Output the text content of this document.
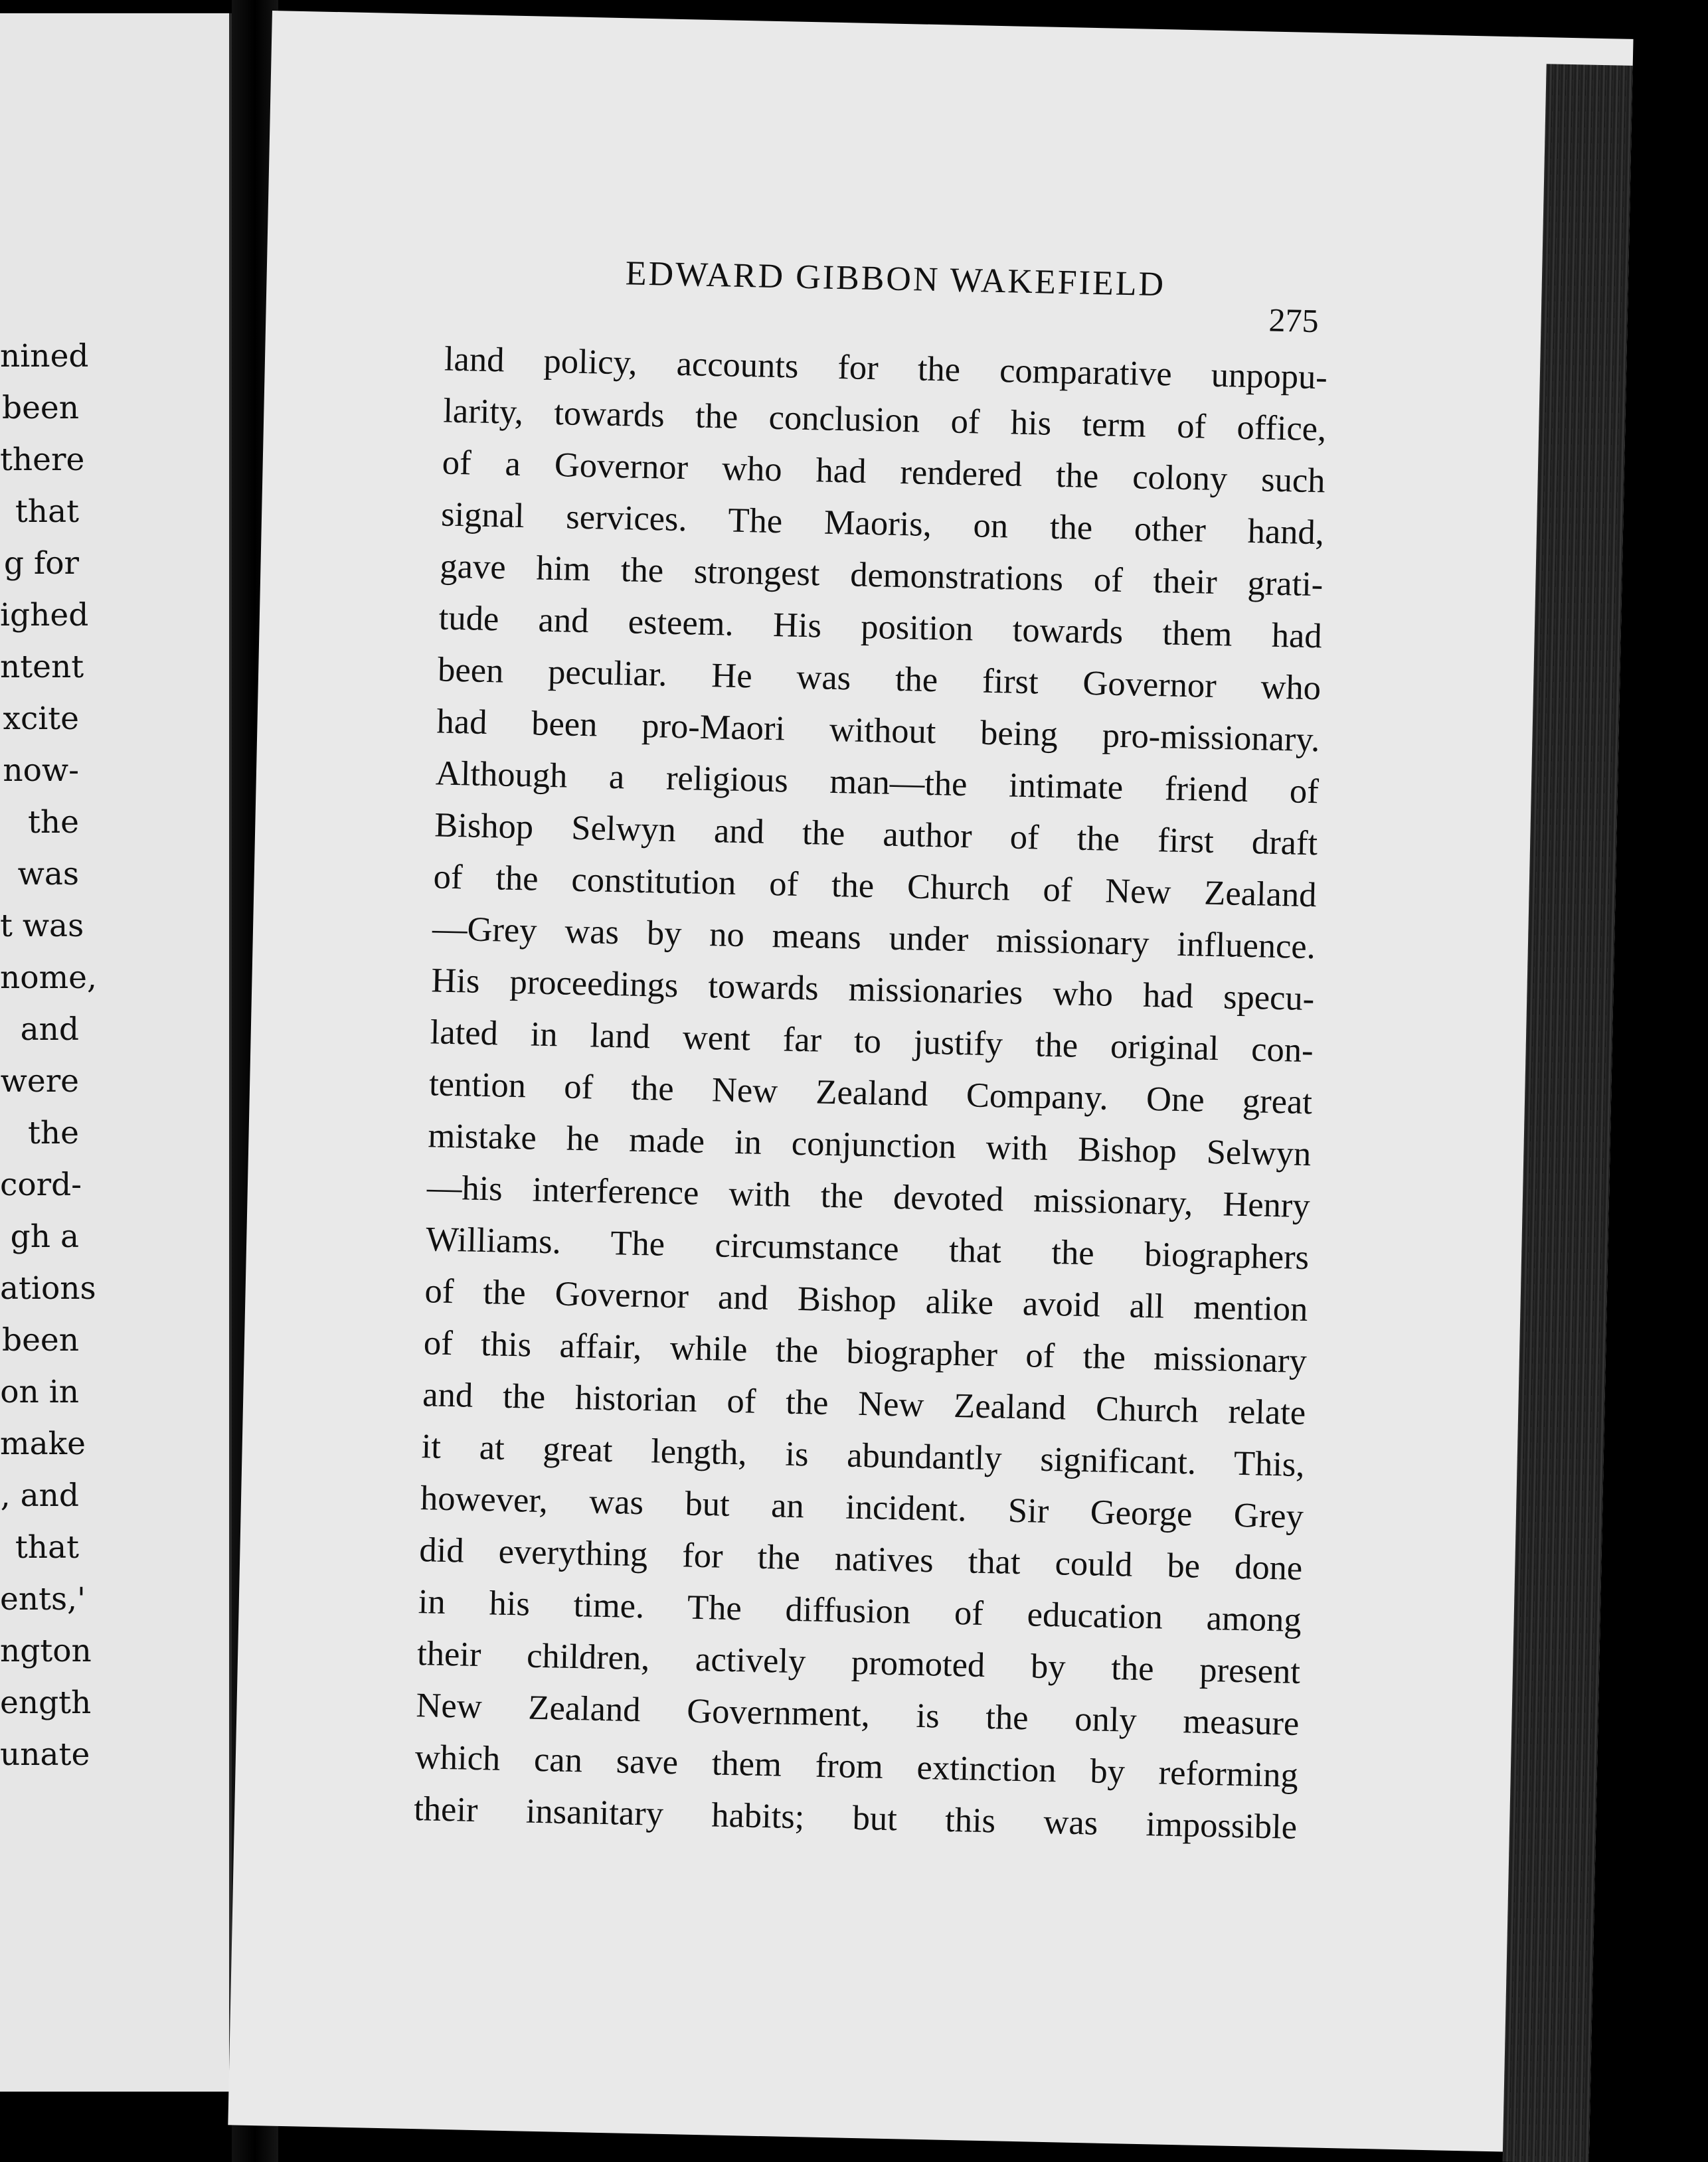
nined
been
there
that
g for
ighed
ntent
xcite
now-
the
was
t was
nome,
and
were
the
cord-
gh a
ations
been
on in
make
, and
that
ents,'
ngton
ength
unate
EDWARD GIBBON WAKEFIELD
275
land policy, accounts for the comparative unpopu-
larity, towards the conclusion of his term of office,
of a Governor who had rendered the colony such
signal services. The Maoris, on the other hand,
gave him the strongest demonstrations of their grati-
tude and esteem. His position towards them had
been peculiar. He was the first Governor who
had been pro-Maori without being pro-missionary.
Although a religious man—the intimate friend of
Bishop Selwyn and the author of the first draft
of the constitution of the Church of New Zealand
—Grey was by no means under missionary influence.
His proceedings towards missionaries who had specu-
lated in land went far to justify the original con-
tention of the New Zealand Company. One great
mistake he made in conjunction with Bishop Selwyn
—his interference with the devoted missionary, Henry
Williams. The circumstance that the biographers
of the Governor and Bishop alike avoid all mention
of this affair, while the biographer of the missionary
and the historian of the New Zealand Church relate
it at great length, is abundantly significant. This,
however, was but an incident. Sir George Grey
did everything for the natives that could be done
in his time. The diffusion of education among
their children, actively promoted by the present
New Zealand Government, is the only measure
which can save them from extinction by reforming
their insanitary habits; but this was impossible
